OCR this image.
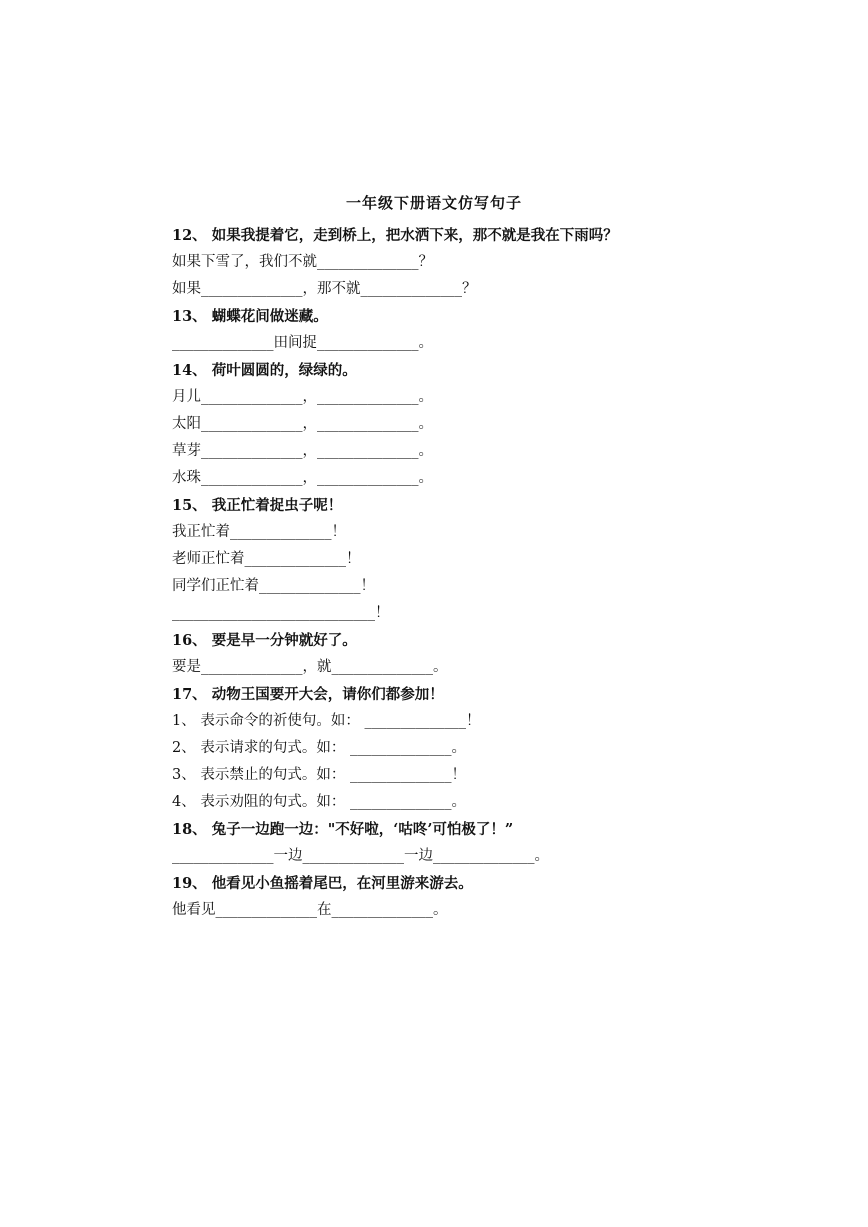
一年级下册语文仿写句子
12、 如果我提着它，走到桥上，把水洒下来，那不就是我在下雨吗？
如果下雪了，我们不就______________？
如果______________，那不就______________？
13、 蝴蝶花间做迷藏。
______________田间捉______________。
14、 荷叶圆圆的，绿绿的。
月儿______________，______________。
太阳______________，______________。
草芽______________，______________。
水珠______________，______________。
15、 我正忙着捉虫子呢！
我正忙着______________！
老师正忙着______________！
同学们正忙着______________！
____________________________！
16、 要是早一分钟就好了。
要是______________，就______________。
17、 动物王国要开大会，请你们都参加！
1、 表示命令的祈使句。如： ______________！
2、 表示请求的句式。如： ______________。
3、 表示禁止的句式。如： ______________！
4、 表示劝阻的句式。如： ______________。
18、 兔子一边跑一边："不好啦，‘咕咚’可怕极了！”
______________一边______________一边______________。
19、 他看见小鱼摇着尾巴，在河里游来游去。
他看见______________在______________。
